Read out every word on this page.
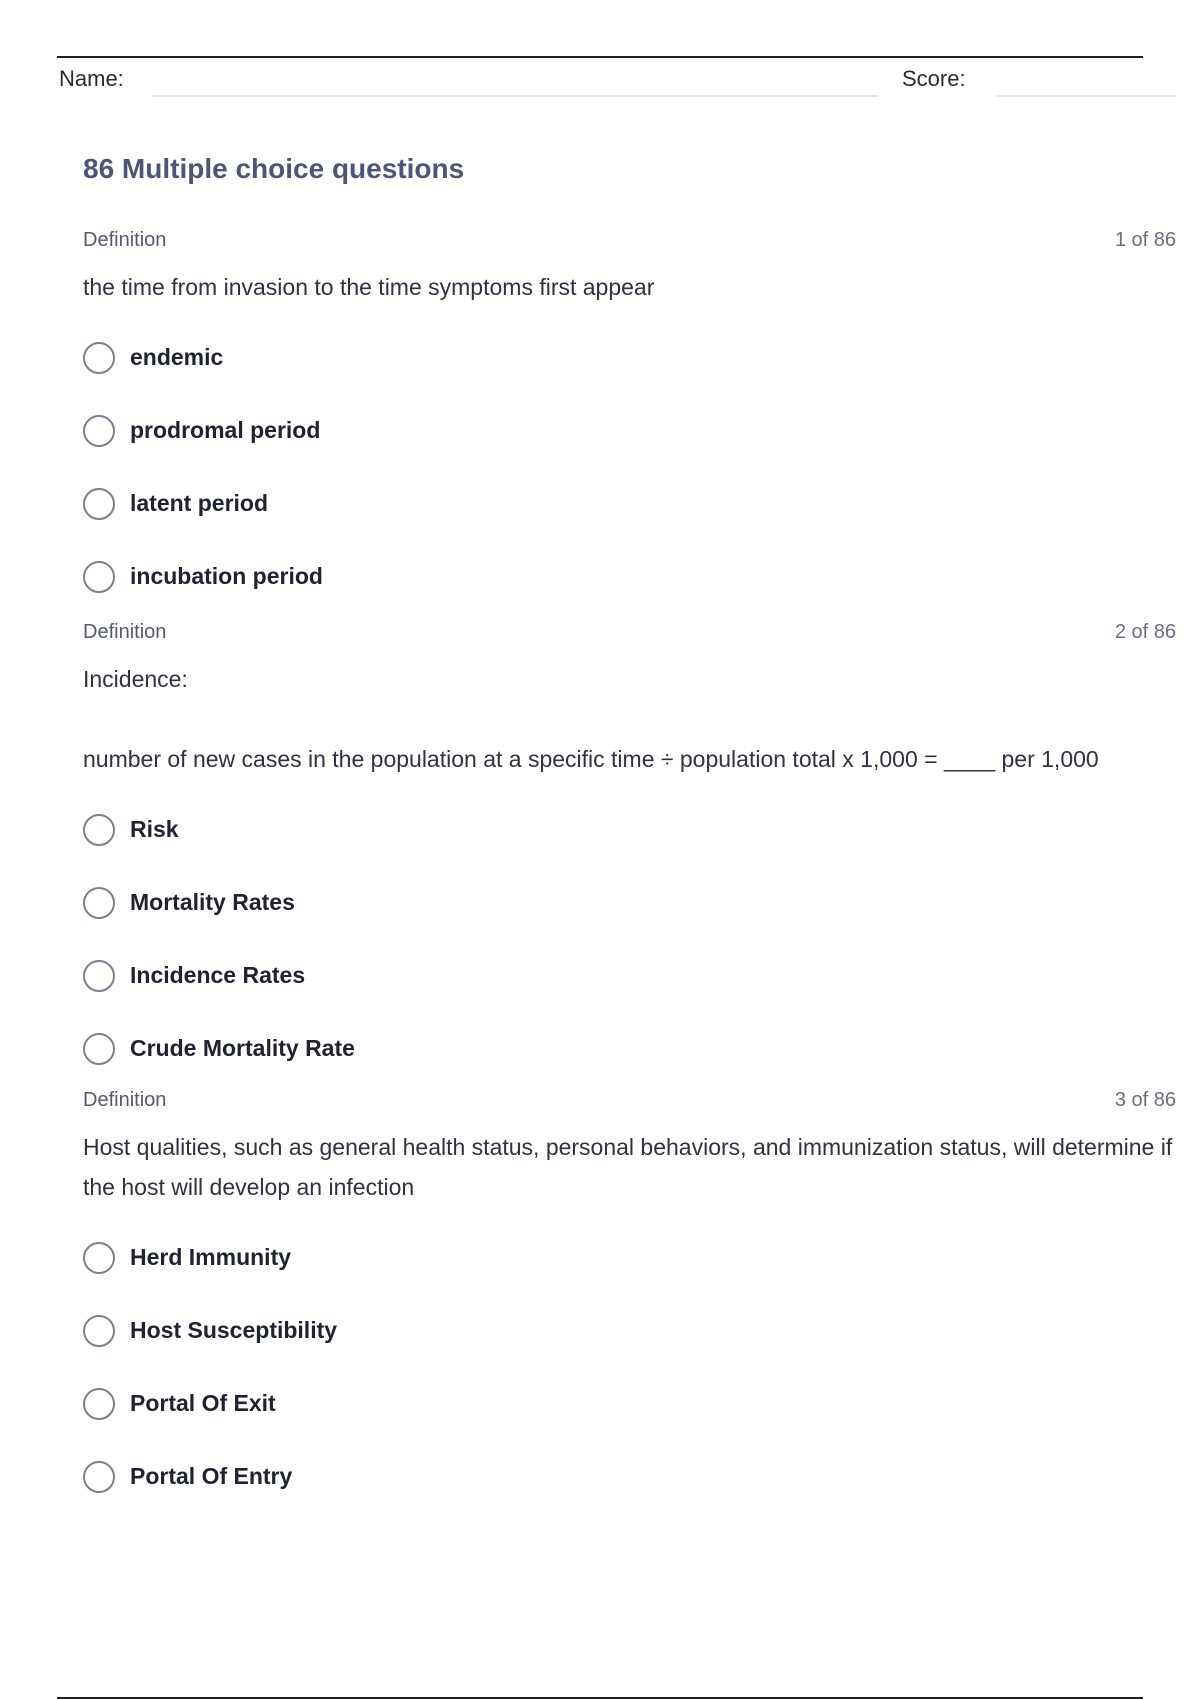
Name:	Score:
86 Multiple choice questions
Definition	1 of 86
the time from invasion to the time symptoms first appear
endemic
prodromal period
latent period
incubation period
Definition	2 of 86
Incidence:

number of new cases in the population at a specific time ÷ population total x 1,000 = ____ per 1,000
Risk
Mortality Rates
Incidence Rates
Crude Mortality Rate
Definition	3 of 86
Host qualities, such as general health status, personal behaviors, and immunization status, will determine if the host will develop an infection
Herd Immunity
Host Susceptibility
Portal Of Exit
Portal Of Entry
